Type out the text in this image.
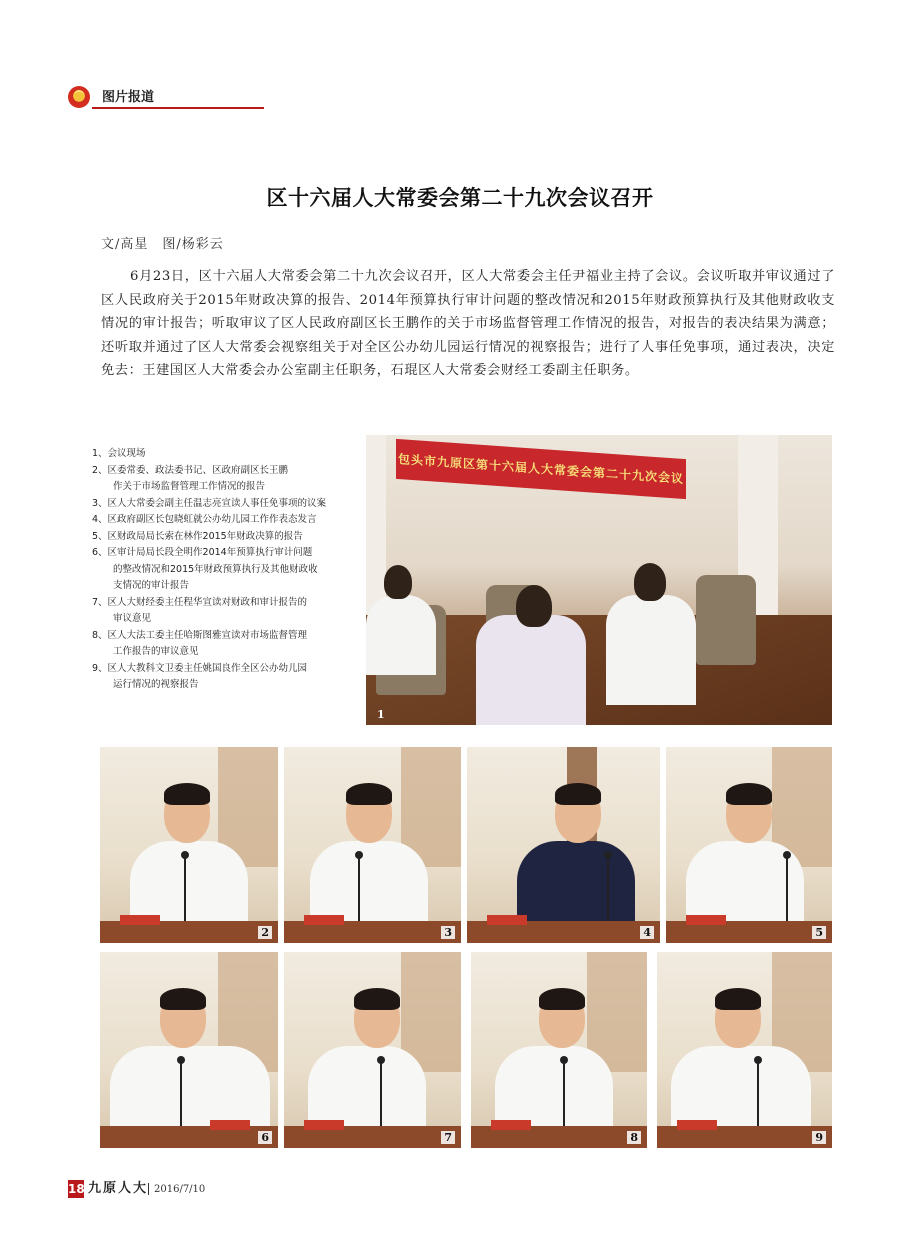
图片报道
区十六届人大常委会第二十九次会议召开
文/高星　图/杨彩云

6月23日，区十六届人大常委会第二十九次会议召开，区人大常委会主任尹福业主持了会议。会议听取并审议通过了区人民政府关于2015年财政决算的报告、2014年预算执行审计问题的整改情况和2015年财政预算执行及其他财政收支情况的审计报告；听取审议了区人民政府副区长王鹏作的关于市场监督管理工作情况的报告，对报告的表决结果为满意；还听取并通过了区人大常委会视察组关于对全区公办幼儿园运行情况的视察报告；进行了人事任免事项，通过表决，决定免去：王建国区人大常委会办公室副主任职务，石琨区人大常委会财经工委副主任职务。

1、会议现场
2、区委常委、政法委书记、区政府副区长王鹏
作关于市场监督管理工作情况的报告
3、区人大常委会副主任温志亮宣读人事任免事项的议案
4、区政府副区长包晓虹就公办幼儿园工作作表态发言
5、区财政局局长索在林作2015年财政决算的报告
6、区审计局局长段全明作2014年预算执行审计问题
的整改情况和2015年财政预算执行及其他财政收
支情况的审计报告
7、区人大财经委主任程华宣读对财政和审计报告的
审议意见
8、区人大法工委主任哈斯图雅宣读对市场监督管理
工作报告的审议意见
9、区人大教科文卫委主任姚国良作全区公办幼儿园
运行情况的视察报告
包头市九原区第十六届人大常委会第二十九次会议
1
2	3	4	5
6	7	8	9
18 九原人大 2016/7/10
